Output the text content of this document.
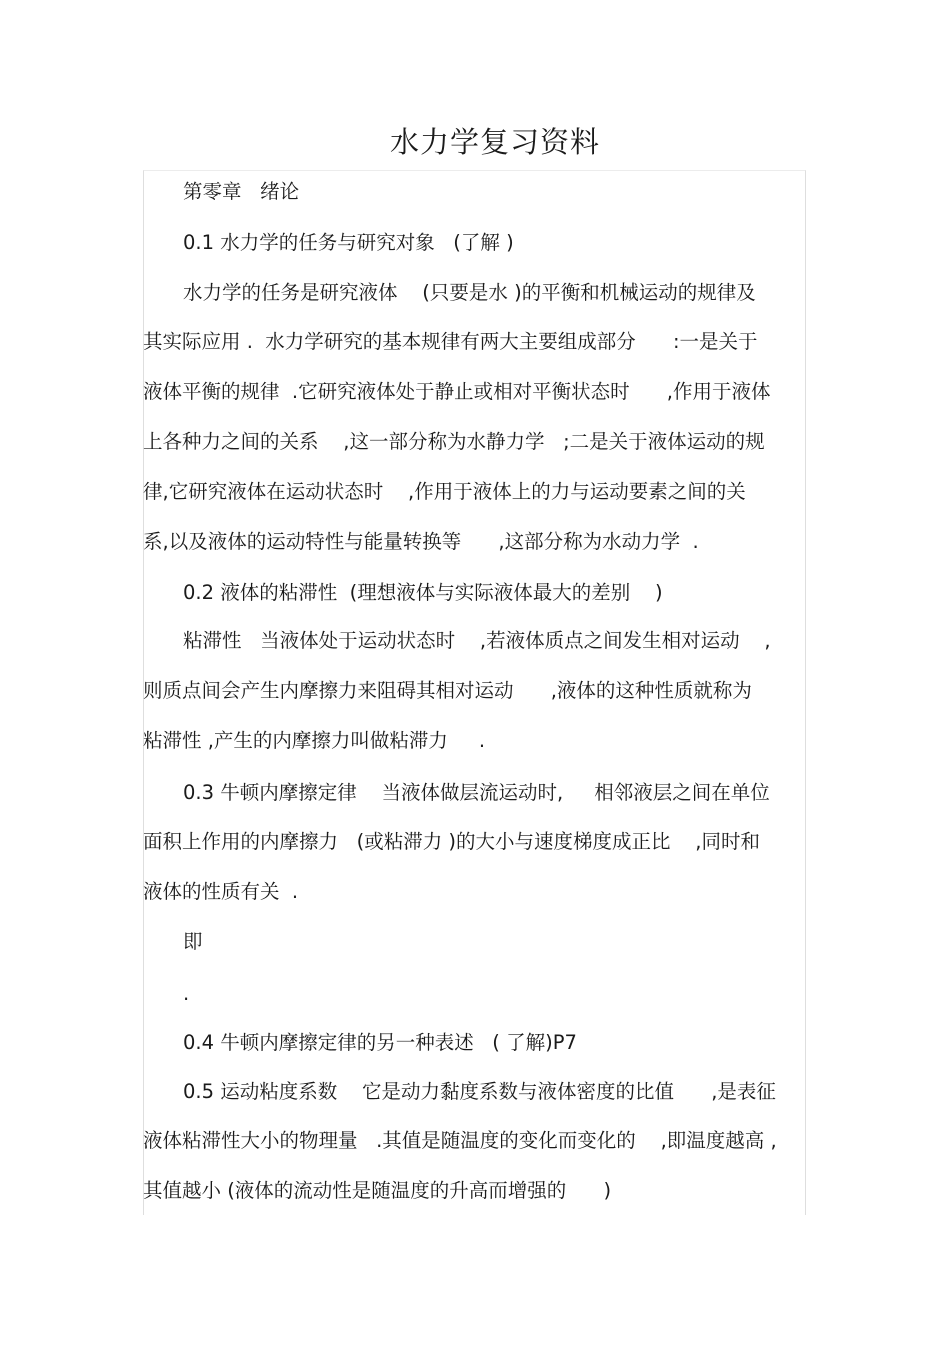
水力学复习资料

第零章   绪论

0.1 水力学的任务与研究对象   (了解 )

水力学的任务是研究液体    (只要是水 )的平衡和机械运动的规律及

其实际应用 .  水力学研究的基本规律有两大主要组成部分      :一是关于

液体平衡的规律  .它研究液体处于静止或相对平衡状态时      ,作用于液体

上各种力之间的关系    ,这一部分称为水静力学   ;二是关于液体运动的规

律,它研究液体在运动状态时    ,作用于液体上的力与运动要素之间的关

系,以及液体的运动特性与能量转换等      ,这部分称为水动力学  .

0.2 液体的粘滞性  (理想液体与实际液体最大的差别    )

粘滞性   当液体处于运动状态时    ,若液体质点之间发生相对运动    ,

则质点间会产生内摩擦力来阻碍其相对运动      ,液体的这种性质就称为

粘滞性 ,产生的内摩擦力叫做粘滞力     .

0.3 牛顿内摩擦定律    当液体做层流运动时,     相邻液层之间在单位

面积上作用的内摩擦力   (或粘滞力 )的大小与速度梯度成正比    ,同时和

液体的性质有关  .

即

.

0.4 牛顿内摩擦定律的另一种表述   ( 了解)P7

0.5 运动粘度系数    它是动力黏度系数与液体密度的比值      ,是表征

液体粘滞性大小的物理量   .其值是随温度的变化而变化的    ,即温度越高 ,

其值越小 (液体的流动性是随温度的升高而增强的      )
